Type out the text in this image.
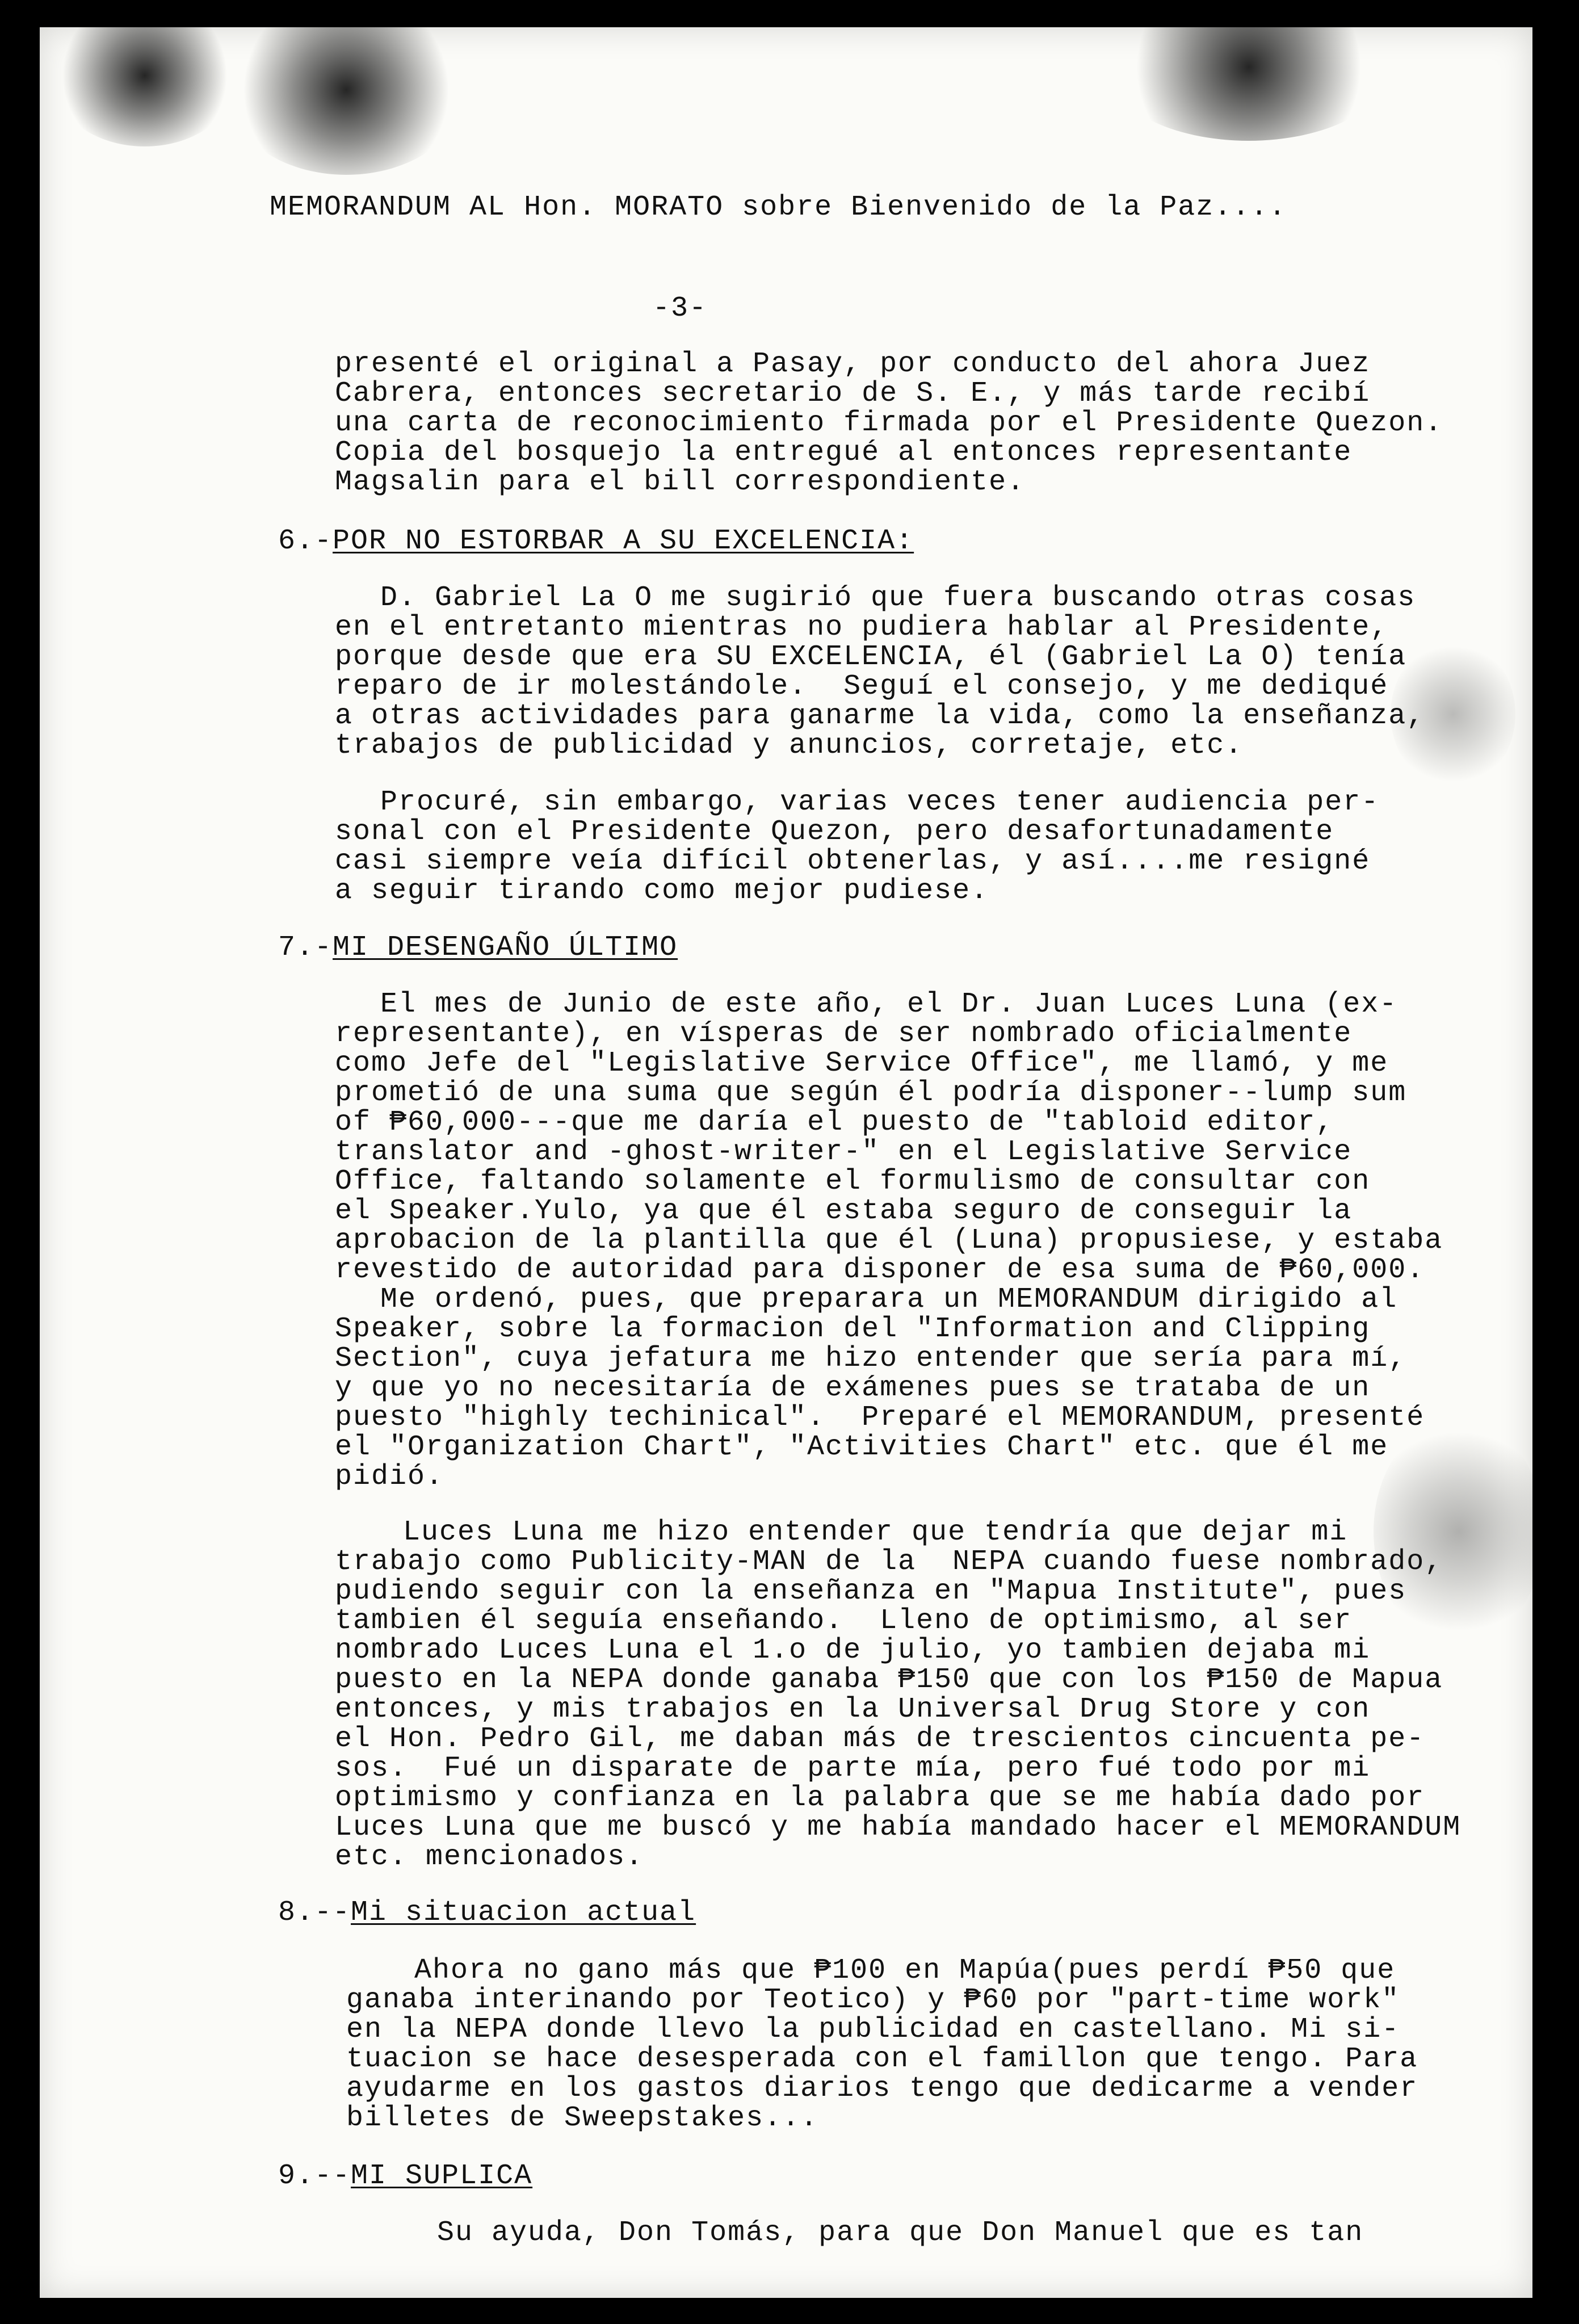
MEMORANDUM AL Hon. MORATO sobre Bienvenido de la Paz....
-3-
presenté el original a Pasay, por conducto del ahora Juez
Cabrera, entonces secretario de S. E., y más tarde recibí
una carta de reconocimiento firmada por el Presidente Quezon.
Copia del bosquejo la entregué al entonces representante
Magsalin para el bill correspondiente.
6.-POR NO ESTORBAR A SU EXCELENCIA:
D. Gabriel La O me sugirió que fuera buscando otras cosas
en el entretanto mientras no pudiera hablar al Presidente,
porque desde que era SU EXCELENCIA, él (Gabriel La O) tenía
reparo de ir molestándole.  Seguí el consejo, y me dediqué
a otras actividades para ganarme la vida, como la enseñanza,
trabajos de publicidad y anuncios, corretaje, etc.
Procuré, sin embargo, varias veces tener audiencia per-
sonal con el Presidente Quezon, pero desafortunadamente
casi siempre veía difícil obtenerlas, y así....me resigné
a seguir tirando como mejor pudiese.
7.-MI DESENGAÑO ÚLTIMO
El mes de Junio de este año, el Dr. Juan Luces Luna (ex-
representante), en vísperas de ser nombrado oficialmente
como Jefe del "Legislative Service Office", me llamó, y me
prometió de una suma que según él podría disponer--lump sum
of ₱60,000---que me daría el puesto de "tabloid editor,
translator and -ghost-writer-" en el Legislative Service
Office, faltando solamente el formulismo de consultar con
el Speaker.Yulo, ya que él estaba seguro de conseguir la
aprobacion de la plantilla que él (Luna) propusiese, y estaba
revestido de autoridad para disponer de esa suma de ₱60,000.
Me ordenó, pues, que preparara un MEMORANDUM dirigido al
Speaker, sobre la formacion del "Information and Clipping
Section", cuya jefatura me hizo entender que sería para mí,
y que yo no necesitaría de exámenes pues se trataba de un
puesto "highly techinical".  Preparé el MEMORANDUM, presenté
el "Organization Chart", "Activities Chart" etc. que él me
pidió.
Luces Luna me hizo entender que tendría que dejar mi
trabajo como Publicity-MAN de la  NEPA cuando fuese nombrado,
pudiendo seguir con la enseñanza en "Mapua Institute", pues
tambien él seguía enseñando.  Lleno de optimismo, al ser
nombrado Luces Luna el 1.o de julio, yo tambien dejaba mi
puesto en la NEPA donde ganaba ₱150 que con los ₱150 de Mapua
entonces, y mis trabajos en la Universal Drug Store y con
el Hon. Pedro Gil, me daban más de trescientos cincuenta pe-
sos.  Fué un disparate de parte mía, pero fué todo por mi
optimismo y confianza en la palabra que se me había dado por
Luces Luna que me buscó y me había mandado hacer el MEMORANDUM
etc. mencionados.
8.--Mi situacion actual
Ahora no gano más que ₱100 en Mapúa(pues perdí ₱50 que
ganaba interinando por Teotico) y ₱60 por "part-time work"
en la NEPA donde llevo la publicidad en castellano. Mi si-
tuacion se hace desesperada con el famillon que tengo. Para
ayudarme en los gastos diarios tengo que dedicarme a vender
billetes de Sweepstakes...
9.--MI SUPLICA
Su ayuda, Don Tomás, para que Don Manuel que es tan
